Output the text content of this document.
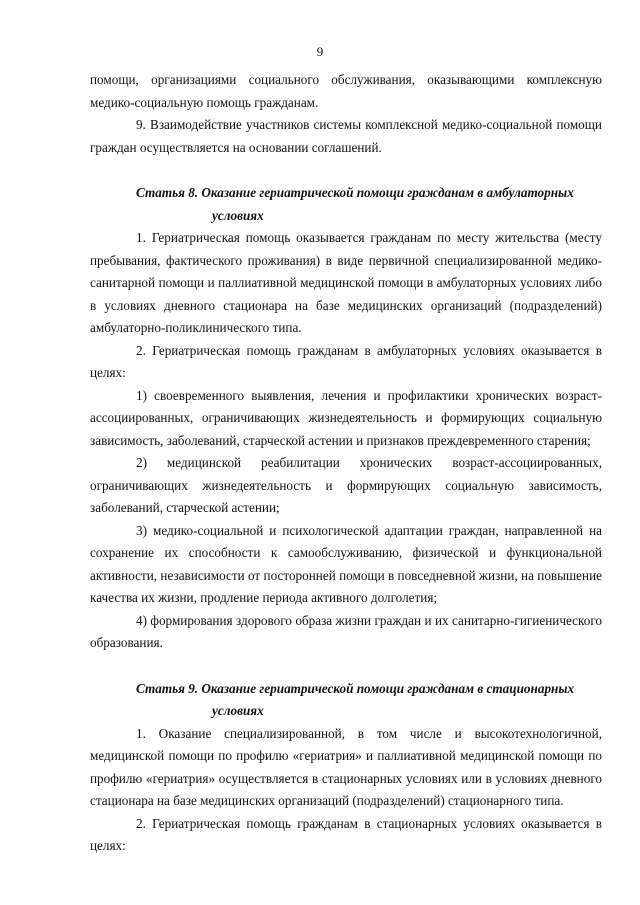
9

помощи, организациями социального обслуживания, оказывающими комплексную медико-социальную помощь гражданам.

9. Взаимодействие участников системы комплексной медико-социальной помощи граждан осуществляется на основании соглашений.

Статья 8. Оказание гериатрической помощи гражданам в амбулаторных
условиях

1. Гериатрическая помощь оказывается гражданам по месту жительства (месту пребывания, фактического проживания) в виде первичной специализированной медико-санитарной помощи и паллиативной медицинской помощи в амбулаторных условиях либо в условиях дневного стационара на базе медицинских организаций (подразделений) амбулаторно-поликлинического типа.

2. Гериатрическая помощь гражданам в амбулаторных условиях оказывается в целях:

1) своевременного выявления, лечения и профилактики хронических возраст-ассоциированных, ограничивающих жизнедеятельность и формирующих социальную зависимость, заболеваний, старческой астении и признаков преждевременного старения;

2) медицинской реабилитации хронических возраст-ассоциированных, ограничивающих жизнедеятельность и формирующих социальную зависимость, заболеваний, старческой астении;

3) медико-социальной и психологической адаптации граждан, направленной на сохранение их способности к самообслуживанию, физической и функциональной активности, независимости от посторонней помощи в повседневной жизни, на повышение качества их жизни, продление периода активного долголетия;

4) формирования здорового образа жизни граждан и их санитарно-гигиенического образования.

Статья 9. Оказание гериатрической помощи гражданам в стационарных
условиях

1. Оказание специализированной, в том числе и высокотехнологичной, медицинской помощи по профилю «гериатрия» и паллиативной медицинской помощи по профилю «гериатрия» осуществляется в стационарных условиях или в условиях дневного стационара на базе медицинских организаций (подразделений) стационарного типа.

2. Гериатрическая помощь гражданам в стационарных условиях оказывается в целях:
